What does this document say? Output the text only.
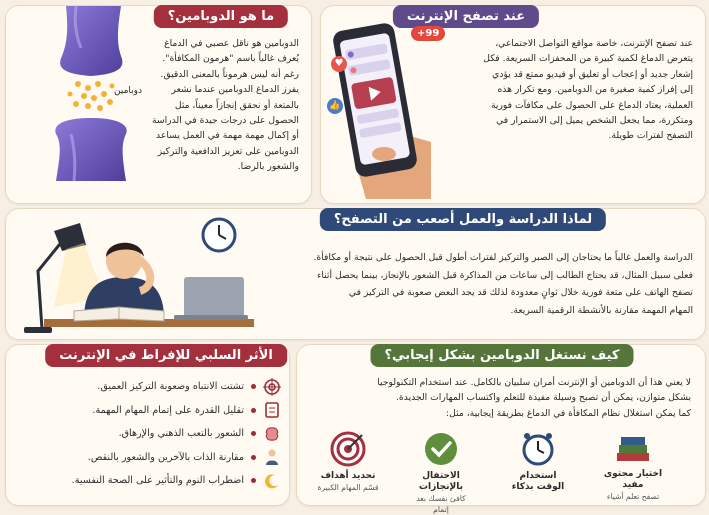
ما هو الدوبامين؟
دوبامين

الدوبامين هو ناقل عصبي في الدماغ

يُعرف غالباً باسم "هرمون المكافأة".

رغم أنه ليس هرموناً بالمعنى الدقيق.

يفرز الدماغ الدوبامين عندما نشعر

بالمتعة أو نحقق إنجازاً معيناً، مثل

الحصول على درجات جيدة في الدراسة

أو إكمال مهمة مهمة في العمل يساعد

الدوبامين على تعزيز الدافعية والتركيز

والشعور بالرضا.

عند تصفح الإنترنت

عند تصفح الإنترنت، خاصة مواقع التواصل الاجتماعي،

يتعرض الدماغ لكمية كبيرة من المحفزات السريعة. فكل

إشعار جديد أو إعجاب أو تعليق أو فيديو ممتع قد يؤدي

إلى إفراز كمية صغيرة من الدوبامين. ومع تكرار هذه

العملية، يعتاد الدماغ على الحصول على مكافآت فورية

ومتكررة، مما يجعل الشخص يميل إلى الاستمرار في

التصفح لفترات طويلة.

99+
♥
👍
لماذا الدراسة والعمل أصعب من التصفح؟

الدراسة والعمل غالباً ما يحتاجان إلى الصبر والتركيز لفترات أطول قبل الحصول على نتيجة أو مكافأة.

فعلى سبيل المثال، قد يحتاج الطالب إلى ساعات من المذاكرة قبل الشعور بالإنجاز، بينما يحصل أثناء

تصفح الهاتف على متعة فورية خلال ثوانٍ معدودة لذلك قد يجد البعض صعوبة في التركيز في

المهام المهمة مقارنة بالأنشطة الرقمية السريعة.

الأثر السلبي للإفراط في الإنترنت
تشتت الانتباه وصعوبة التركيز العميق.
تقليل القدرة على إتمام المهام المهمة.
الشعور بالتعب الذهني والإرهاق.
مقارنة الذات بالآخرين والشعور بالنقص.
اضطراب النوم والتأثير على الصحة النفسية.
كيف نستغل الدوبامين بشكل إيجابي؟

لا يعني هذا أن الدوبامين أو الإنترنت أمران سلبيان بالكامل. عند استخدام التكنولوجيا

بشكل متوازن، يمكن أن تصبح وسيلة مفيدة للتعلم واكتساب المهارات الجديدة.

كما يمكن استغلال نظام المكافأة في الدماغ بطريقة إيجابية، مثل:

اختيار محتوى مفيد
تصفح تعلم أشياء
استخدام الوقت بذكاء
الاحتفال بالإنجازات
كافئ نفسك بعد إتمام
تحديد أهداف
قسّم المهام الكبيرة
